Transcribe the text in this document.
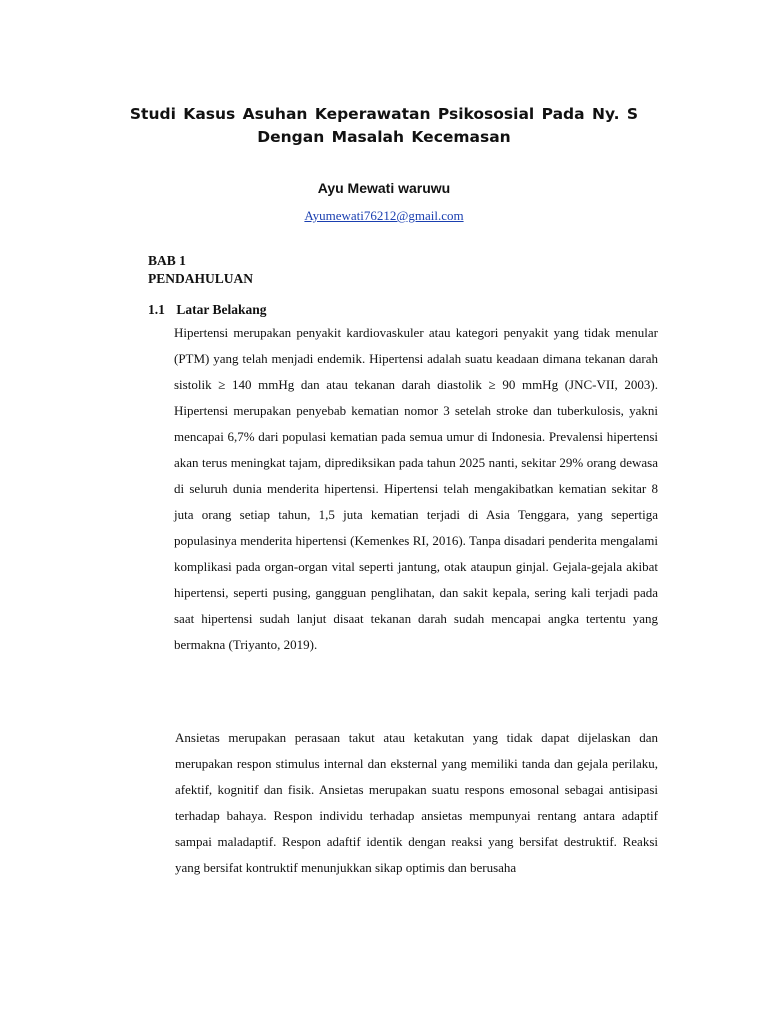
Studi Kasus Asuhan Keperawatan Psikososial Pada Ny. S
Dengan Masalah Kecemasan

Ayu Mewati waruwu

Ayumewati76212@gmail.com

BAB 1
PENDAHULUAN
1.1 Latar Belakang

Hipertensi merupakan penyakit kardiovaskuler atau kategori penyakit yang tidak menular (PTM) yang telah menjadi endemik. Hipertensi adalah suatu keadaan dimana tekanan darah sistolik ≥ 140 mmHg dan atau tekanan darah diastolik ≥ 90 mmHg (JNC-VII, 2003). Hipertensi merupakan penyebab kematian nomor 3 setelah stroke dan tuberkulosis, yakni mencapai 6,7% dari populasi kematian pada semua umur di Indonesia. Prevalensi hipertensi akan terus meningkat tajam, diprediksikan pada tahun 2025 nanti, sekitar 29% orang dewasa di seluruh dunia menderita hipertensi. Hipertensi telah mengakibatkan kematian sekitar 8 juta orang setiap tahun, 1,5 juta kematian terjadi di Asia Tenggara, yang sepertiga populasinya menderita hipertensi (Kemenkes RI, 2016). Tanpa disadari penderita mengalami komplikasi pada organ-organ vital seperti jantung, otak ataupun ginjal. Gejala-gejala akibat hipertensi, seperti pusing, gangguan penglihatan, dan sakit kepala, sering kali terjadi pada saat hipertensi sudah lanjut disaat tekanan darah sudah mencapai angka tertentu yang bermakna (Triyanto, 2019).

Ansietas merupakan perasaan takut atau ketakutan yang tidak dapat dijelaskan dan merupakan respon stimulus internal dan eksternal yang memiliki tanda dan gejala perilaku, afektif, kognitif dan fisik. Ansietas merupakan suatu respons emosonal sebagai antisipasi terhadap bahaya. Respon individu terhadap ansietas mempunyai rentang antara adaptif sampai maladaptif. Respon adaftif identik dengan reaksi yang bersifat destruktif. Reaksi yang bersifat kontruktif menunjukkan sikap optimis dan berusaha
